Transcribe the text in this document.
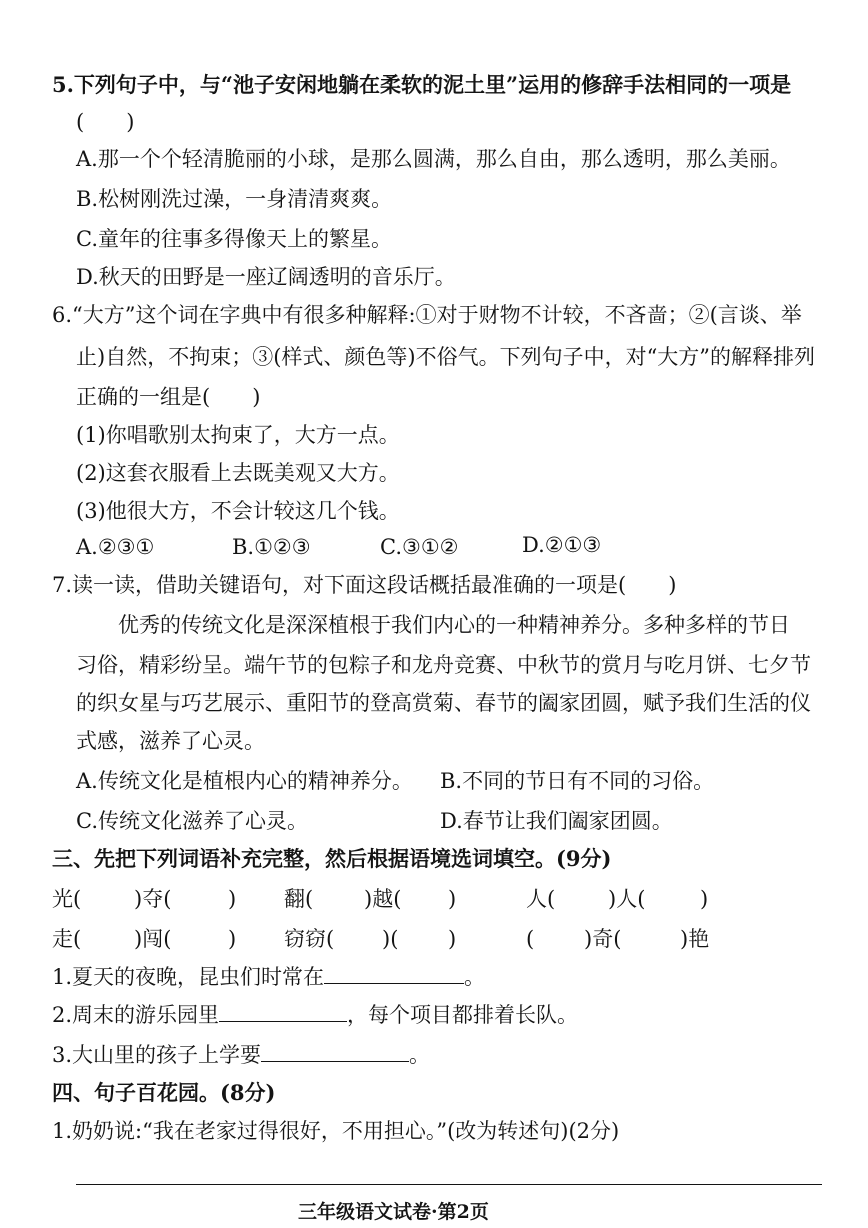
5.下列句子中，与“池子安闲地躺在柔软的泥土里”运用的修辞手法相同的一项是
(　　)
A.那一个个轻清脆丽的小球，是那么圆满，那么自由，那么透明，那么美丽。
B.松树刚洗过澡，一身清清爽爽。
C.童年的往事多得像天上的繁星。
D.秋天的田野是一座辽阔透明的音乐厅。
6.“大方”这个词在字典中有很多种解释:①对于财物不计较，不吝啬；②(言谈、举
止)自然，不拘束；③(样式、颜色等)不俗气。下列句子中，对“大方”的解释排列
正确的一组是(　　)
(1)你唱歌别太拘束了，大方一点。
(2)这套衣服看上去既美观又大方。
(3)他很大方，不会计较这几个钱。
A.②③①	B.①②③	C.③①②	D.②①③
7.读一读，借助关键语句，对下面这段话概括最准确的一项是(　　)
优秀的传统文化是深深植根于我们内心的一种精神养分。多种多样的节日
习俗，精彩纷呈。端午节的包粽子和龙舟竞赛、中秋节的赏月与吃月饼、七夕节
的织女星与巧艺展示、重阳节的登高赏菊、春节的阖家团圆，赋予我们生活的仪
式感，滋养了心灵。
A.传统文化是植根内心的精神养分。 B.不同的节日有不同的习俗。
C.传统文化滋养了心灵。	D.春节让我们阖家团圆。
三、先把下列词语补充完整，然后根据语境选词填空。(9分)
光(	)夺(	) 翻( )越( )	人(	)人(	)
走(	)闯(	) 窃窃( )( )	( )奇(	)艳
1.夏天的夜晚，昆虫们时常在	。
2.周末的游乐园里	，每个项目都排着长队。
3.大山里的孩子上学要	。
四、句子百花园。(8分)
1.奶奶说:“我在老家过得很好，不用担心。”(改为转述句)(2分)
三年级语文试卷·第2页
